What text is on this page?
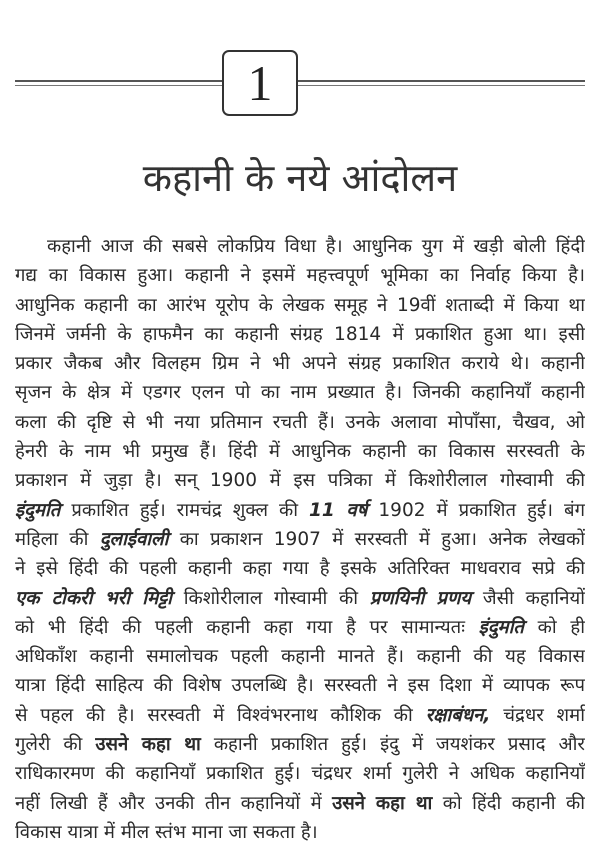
1
कहानी के नये आंदोलन
कहानी आज की सबसे लोकप्रिय विधा है। आधुनिक युग में खड़ी बोली हिंदी
गद्य का विकास हुआ। कहानी ने इसमें महत्त्वपूर्ण भूमिका का निर्वाह किया है।
आधुनिक कहानी का आरंभ यूरोप के लेखक समूह ने 19वीं शताब्दी में किया था
जिनमें जर्मनी के हाफमैन का कहानी संग्रह 1814 में प्रकाशित हुआ था। इसी
प्रकार जैकब और विलहम ग्रिम ने भी अपने संग्रह प्रकाशित कराये थे। कहानी
सृजन के क्षेत्र में एडगर एलन पो का नाम प्रख्यात है। जिनकी कहानियाँ कहानी
कला की दृष्टि से भी नया प्रतिमान रचती हैं। उनके अलावा मोपाँसा, चैखव, ओ
हेनरी के नाम भी प्रमुख हैं। हिंदी में आधुनिक कहानी का विकास सरस्वती के
प्रकाशन में जुड़ा है। सन् 1900 में इस पत्रिका में किशोरीलाल गोस्वामी की
इंदुमति प्रकाशित हुई। रामचंद्र शुक्ल की 11 वर्ष 1902 में प्रकाशित हुई। बंग
महिला की दुलाईवाली का प्रकाशन 1907 में सरस्वती में हुआ। अनेक लेखकों
ने इसे हिंदी की पहली कहानी कहा गया है इसके अतिरिक्त माधवराव सप्रे की
एक टोकरी भरी मिट्टी किशोरीलाल गोस्वामी की प्रणयिनी प्रणय जैसी कहानियों
को भी हिंदी की पहली कहानी कहा गया है पर सामान्यतः इंदुमति को ही
अधिकाँश कहानी समालोचक पहली कहानी मानते हैं। कहानी की यह विकास
यात्रा हिंदी साहित्य की विशेष उपलब्धि है। सरस्वती ने इस दिशा में व्यापक रूप
से पहल की है। सरस्वती में विश्वंभरनाथ कौशिक की रक्षाबंधन, चंद्रधर शर्मा
गुलेरी की उसने कहा था कहानी प्रकाशित हुई। इंदु में जयशंकर प्रसाद और
राधिकारमण की कहानियाँ प्रकाशित हुई। चंद्रधर शर्मा गुलेरी ने अधिक कहानियाँ
नहीं लिखी हैं और उनकी तीन कहानियों में उसने कहा था को हिंदी कहानी की
विकास यात्रा में मील स्तंभ माना जा सकता है।
